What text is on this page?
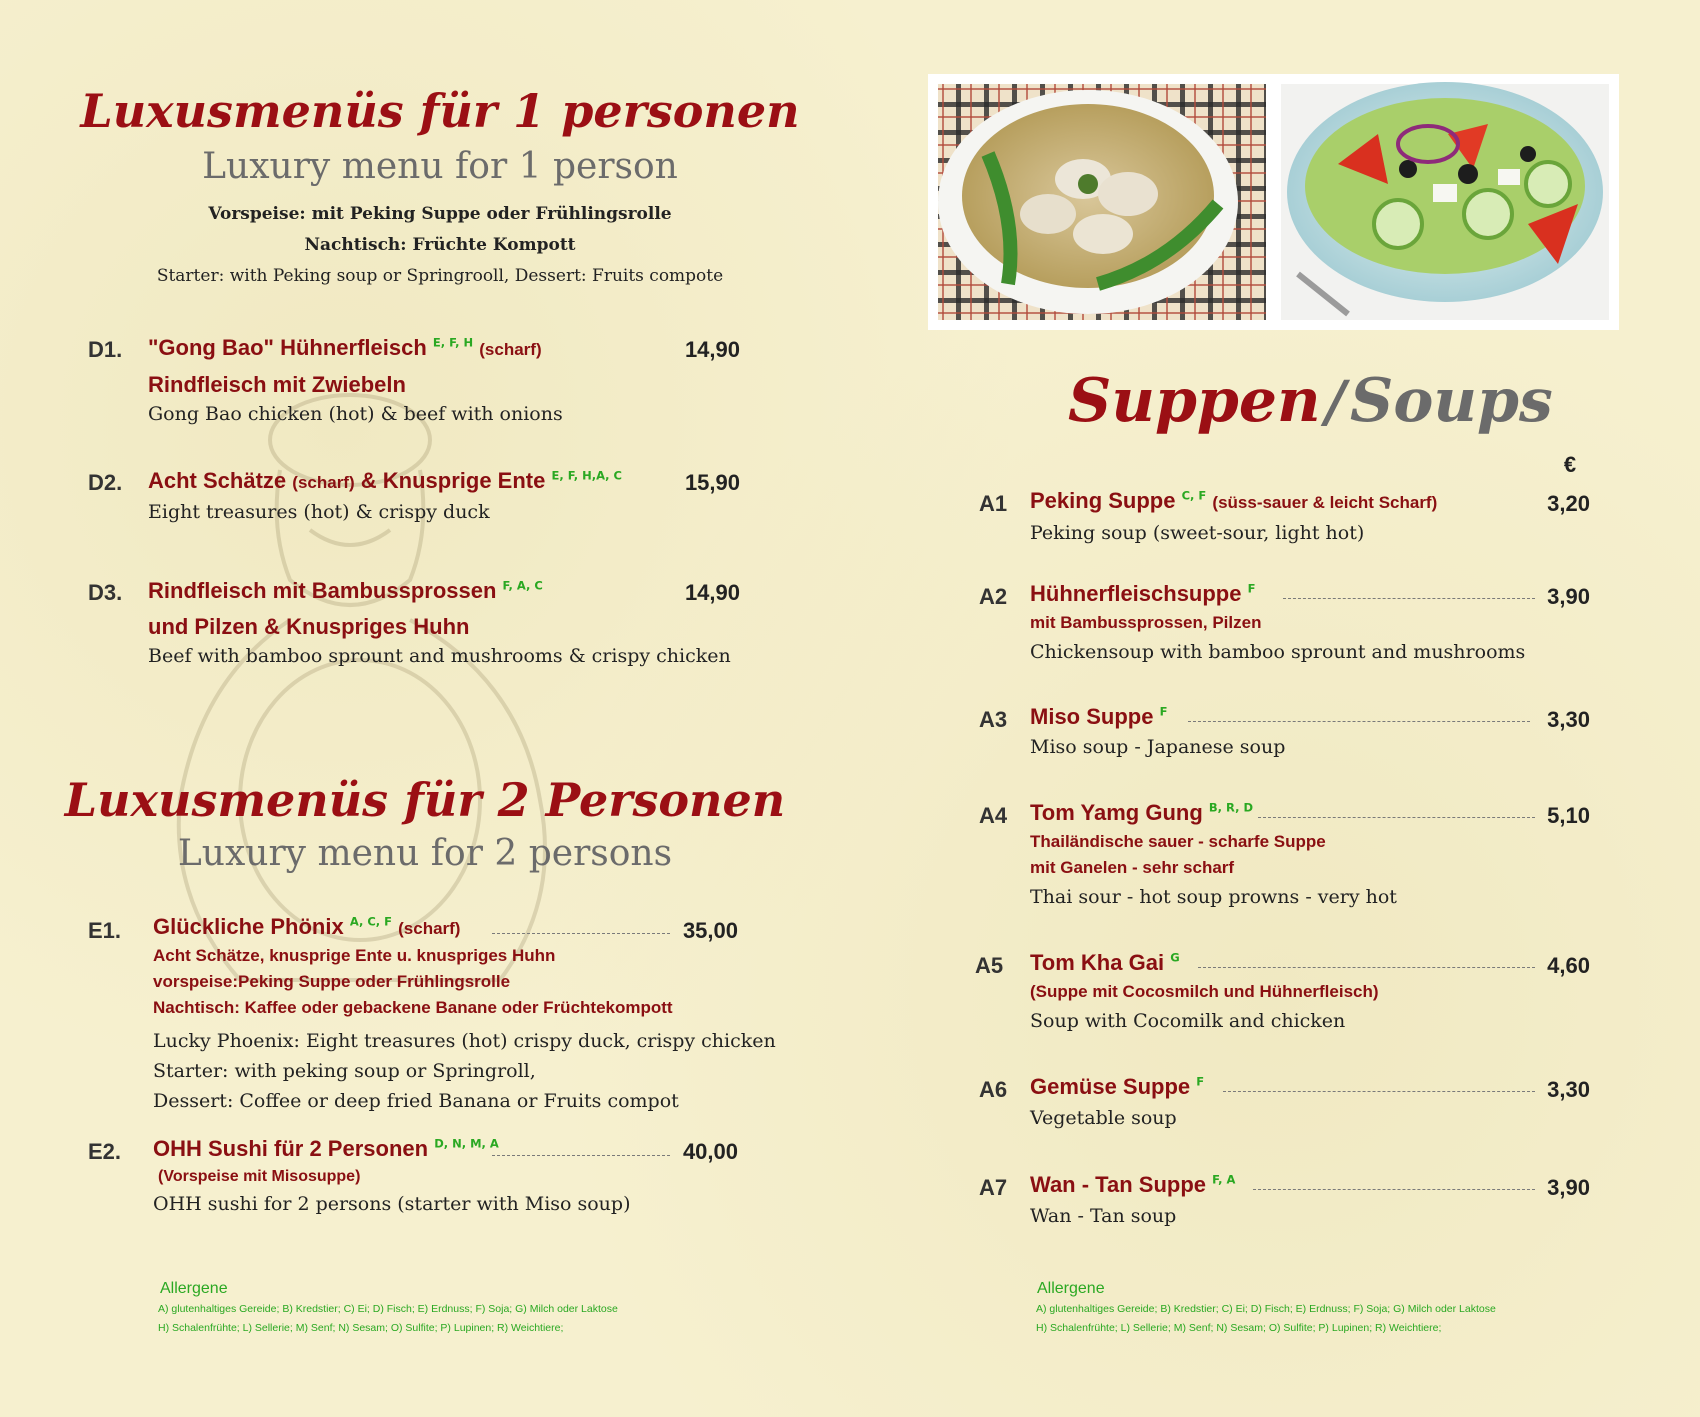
Luxusmenüs für 1 personen
Luxury menu for 1 person
Vorspeise: mit Peking Suppe oder Frühlingsrolle
Nachtisch: Früchte Kompott
Starter: with Peking soup or Springrooll, Dessert: Fruits compote
D1. "Gong Bao" Hühnerfleisch $^{E, F, H}$ (scharf)	14,90
Rindfleisch mit Zwiebeln
Gong Bao chicken (hot) & beef with onions
D2. Acht Schätze (scharf) & Knusprige Ente $^{E, F, H,A, C}$	15,90
Eight treasures (hot) & crispy duck
D3. Rindfleisch mit Bambussprossen $^{F, A, C}$	14,90
und Pilzen & Knuspriges Huhn
Beef with bamboo sprount and mushrooms & crispy chicken
Luxusmenüs für 2 Personen
Luxury menu for 2 persons
E1. Glückliche Phönix $^{A, C, F}$ (scharf)	35,00
Acht Schätze, knusprige Ente u. knuspriges Huhn
vorspeise:Peking Suppe oder Frühlingsrolle
Nachtisch: Kaffee oder gebackene Banane oder Früchtekompott
Lucky Phoenix: Eight treasures (hot) crispy duck, crispy chicken
Starter: with peking soup or Springroll,
Dessert: Coffee or deep fried Banana or Fruits compot
E2. OHH Sushi für 2 Personen $^{D, N, M, A}$	40,00
(Vorspeise mit Misosuppe)
OHH sushi for 2 persons (starter with Miso soup)
Allergene
A) glutenhaltiges Gereide; B) Kredstier; C) Ei; D) Fisch; E) Erdnuss; F) Soja; G) Milch oder Laktose
H) Schalenfrühte; L) Sellerie; M) Senf; N) Sesam; O) Sulfite; P) Lupinen; R) Weichtiere;
Suppen / Soups
€
A1 Peking Suppe $^{C, F}$ (süss-sauer & leicht Scharf)	3,20
Peking soup (sweet-sour, light hot)
A2 Hühnerfleischsuppe $^F$	3,90
mit Bambussprossen, Pilzen
Chickensoup with bamboo sprount and mushrooms
A3 Miso Suppe $^F$	3,30
Miso soup - Japanese soup
A4 Tom Yamg Gung $^{B, R, D}$	5,10
Thailändische sauer - scharfe Suppe
mit Ganelen - sehr scharf
Thai sour - hot soup prowns - very hot
A5 Tom Kha Gai $^G$	4,60
(Suppe mit Cocosmilch und Hühnerfleisch)
Soup with Cocomilk and chicken
A6 Gemüse Suppe $^F$	3,30
Vegetable soup
A7 Wan - Tan Suppe $^{F, A}$	3,90
Wan - Tan soup
Allergene
A) glutenhaltiges Gereide; B) Kredstier; C) Ei; D) Fisch; E) Erdnuss; F) Soja; G) Milch oder Laktose
H) Schalenfrühte; L) Sellerie; M) Senf; N) Sesam; O) Sulfite; P) Lupinen; R) Weichtiere;
